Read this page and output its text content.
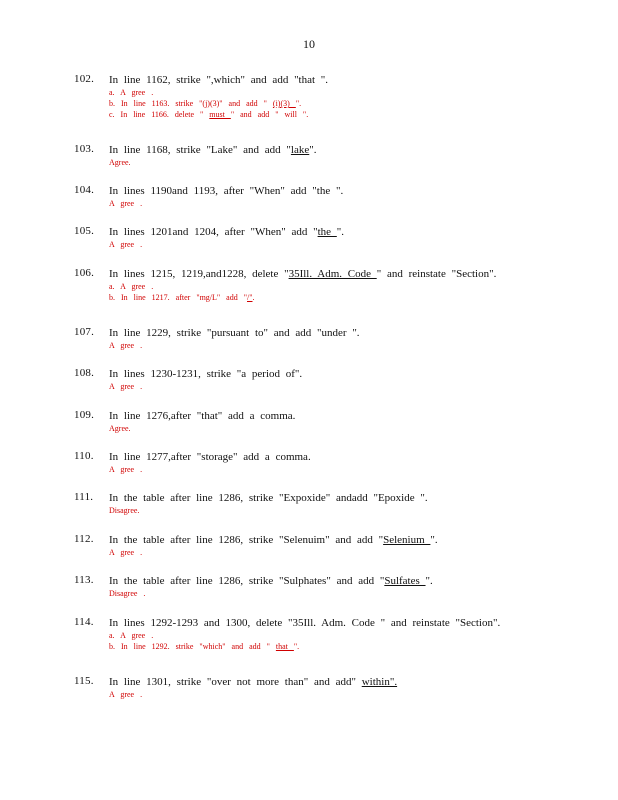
10
102. In line 1162, strike ",which" and add "that ".
a. A gree .
b. In line 1163. strike "(j)(3)" and add " (i)(3) ".
c. In line 1166. delete " must " and add " will ".
103. In line 1168, strike "Lake" and add "lake".
Agree.
104. In lines 1190and 1193, after "When" add "the ".
A gree .
105. In lines 1201and 1204, after "When" add "the ".
A gree .
106. In lines 1215, 1219,and1228, delete "35Ill. Adm. Code " and reinstate "Section".
a. A gree .
b. In line 1217. after "mg/L" add "/".
107. In line 1229, strike "pursuant to" and add "under ".
A gree .
108. In lines 1230-1231, strike "a period of".
A gree .
109. In line 1276,after "that" add a comma.
Agree.
110. In line 1277,after "storage" add a comma.
A gree .
111. In the table after line 1286, strike "Expoxide" andadd "Epoxide ".
Disagree.
112. In the table after line 1286, strike "Selenuim" and add "Selenium ".
A gree .
113. In the table after line 1286, strike "Sulphates" and add "Sulfates ".
Disagree .
114. In lines 1292-1293 and 1300, delete "35Ill. Adm. Code " and reinstate "Section".
a. A gree .
b. In line 1292. strike "which" and add " that ".
115. In line 1301, strike "over not more than" and add" within".
A gree .
